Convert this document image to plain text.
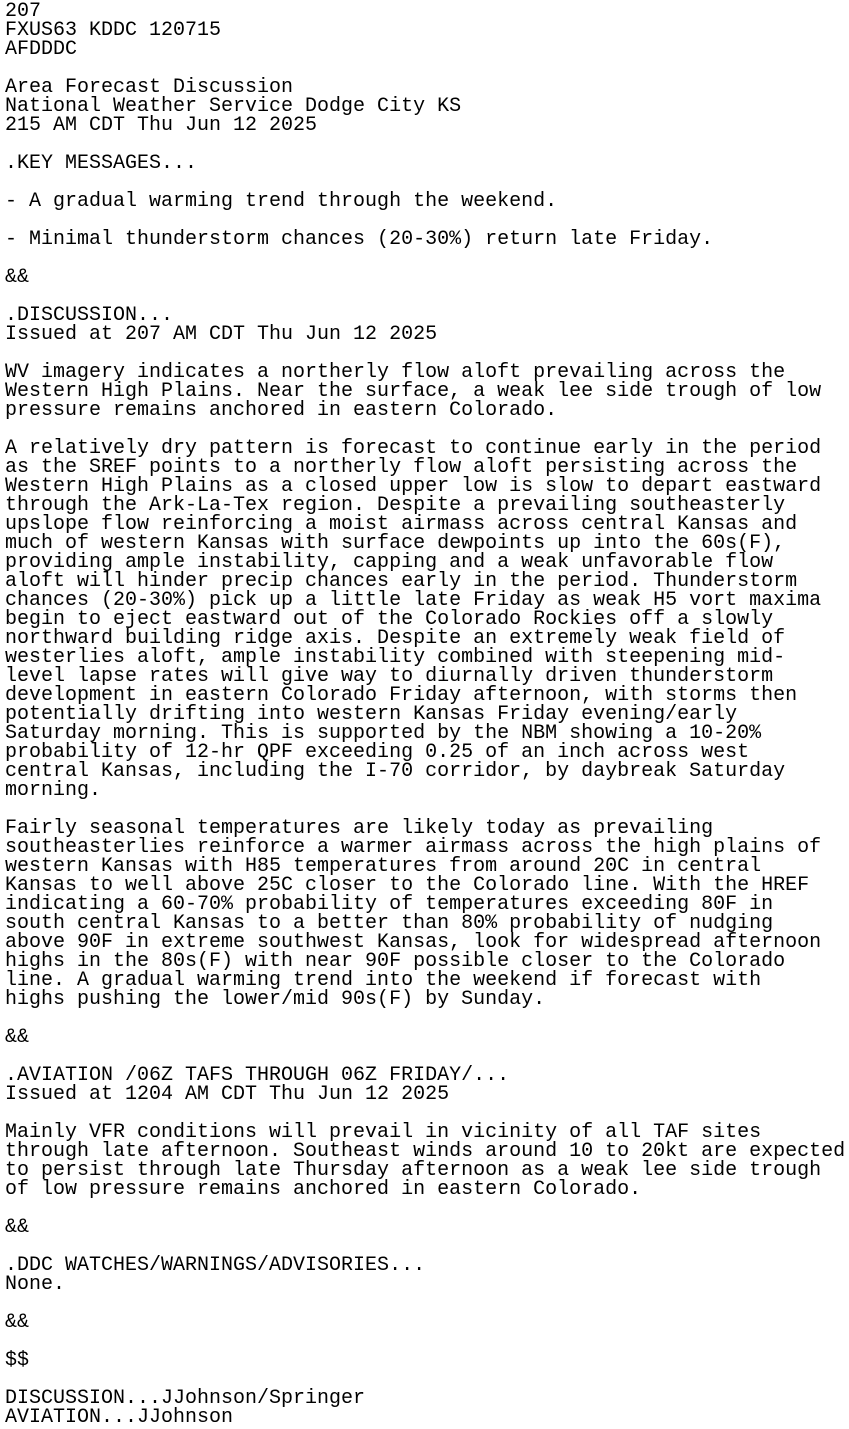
207
FXUS63 KDDC 120715
AFDDDC
Area Forecast Discussion
National Weather Service Dodge City KS
215 AM CDT Thu Jun 12 2025
.KEY MESSAGES...
- A gradual warming trend through the weekend.
- Minimal thunderstorm chances (20-30%) return late Friday.
&&
.DISCUSSION...
Issued at 207 AM CDT Thu Jun 12 2025
WV imagery indicates a northerly flow aloft prevailing across the
Western High Plains. Near the surface, a weak lee side trough of low
pressure remains anchored in eastern Colorado.
A relatively dry pattern is forecast to continue early in the period
as the SREF points to a northerly flow aloft persisting across the
Western High Plains as a closed upper low is slow to depart eastward
through the Ark-La-Tex region. Despite a prevailing southeasterly
upslope flow reinforcing a moist airmass across central Kansas and
much of western Kansas with surface dewpoints up into the 60s(F),
providing ample instability, capping and a weak unfavorable flow
aloft will hinder precip chances early in the period. Thunderstorm
chances (20-30%) pick up a little late Friday as weak H5 vort maxima
begin to eject eastward out of the Colorado Rockies off a slowly
northward building ridge axis. Despite an extremely weak field of
westerlies aloft, ample instability combined with steepening mid-
level lapse rates will give way to diurnally driven thunderstorm
development in eastern Colorado Friday afternoon, with storms then
potentially drifting into western Kansas Friday evening/early
Saturday morning. This is supported by the NBM showing a 10-20%
probability of 12-hr QPF exceeding 0.25 of an inch across west
central Kansas, including the I-70 corridor, by daybreak Saturday
morning.
Fairly seasonal temperatures are likely today as prevailing
southeasterlies reinforce a warmer airmass across the high plains of
western Kansas with H85 temperatures from around 20C in central
Kansas to well above 25C closer to the Colorado line. With the HREF
indicating a 60-70% probability of temperatures exceeding 80F in
south central Kansas to a better than 80% probability of nudging
above 90F in extreme southwest Kansas, look for widespread afternoon
highs in the 80s(F) with near 90F possible closer to the Colorado
line. A gradual warming trend into the weekend if forecast with
highs pushing the lower/mid 90s(F) by Sunday.
&&
.AVIATION /06Z TAFS THROUGH 06Z FRIDAY/...
Issued at 1204 AM CDT Thu Jun 12 2025
Mainly VFR conditions will prevail in vicinity of all TAF sites
through late afternoon. Southeast winds around 10 to 20kt are expected
to persist through late Thursday afternoon as a weak lee side trough
of low pressure remains anchored in eastern Colorado.
&&
.DDC WATCHES/WARNINGS/ADVISORIES...
None.
&&
$$
DISCUSSION...JJohnson/Springer
AVIATION...JJohnson
